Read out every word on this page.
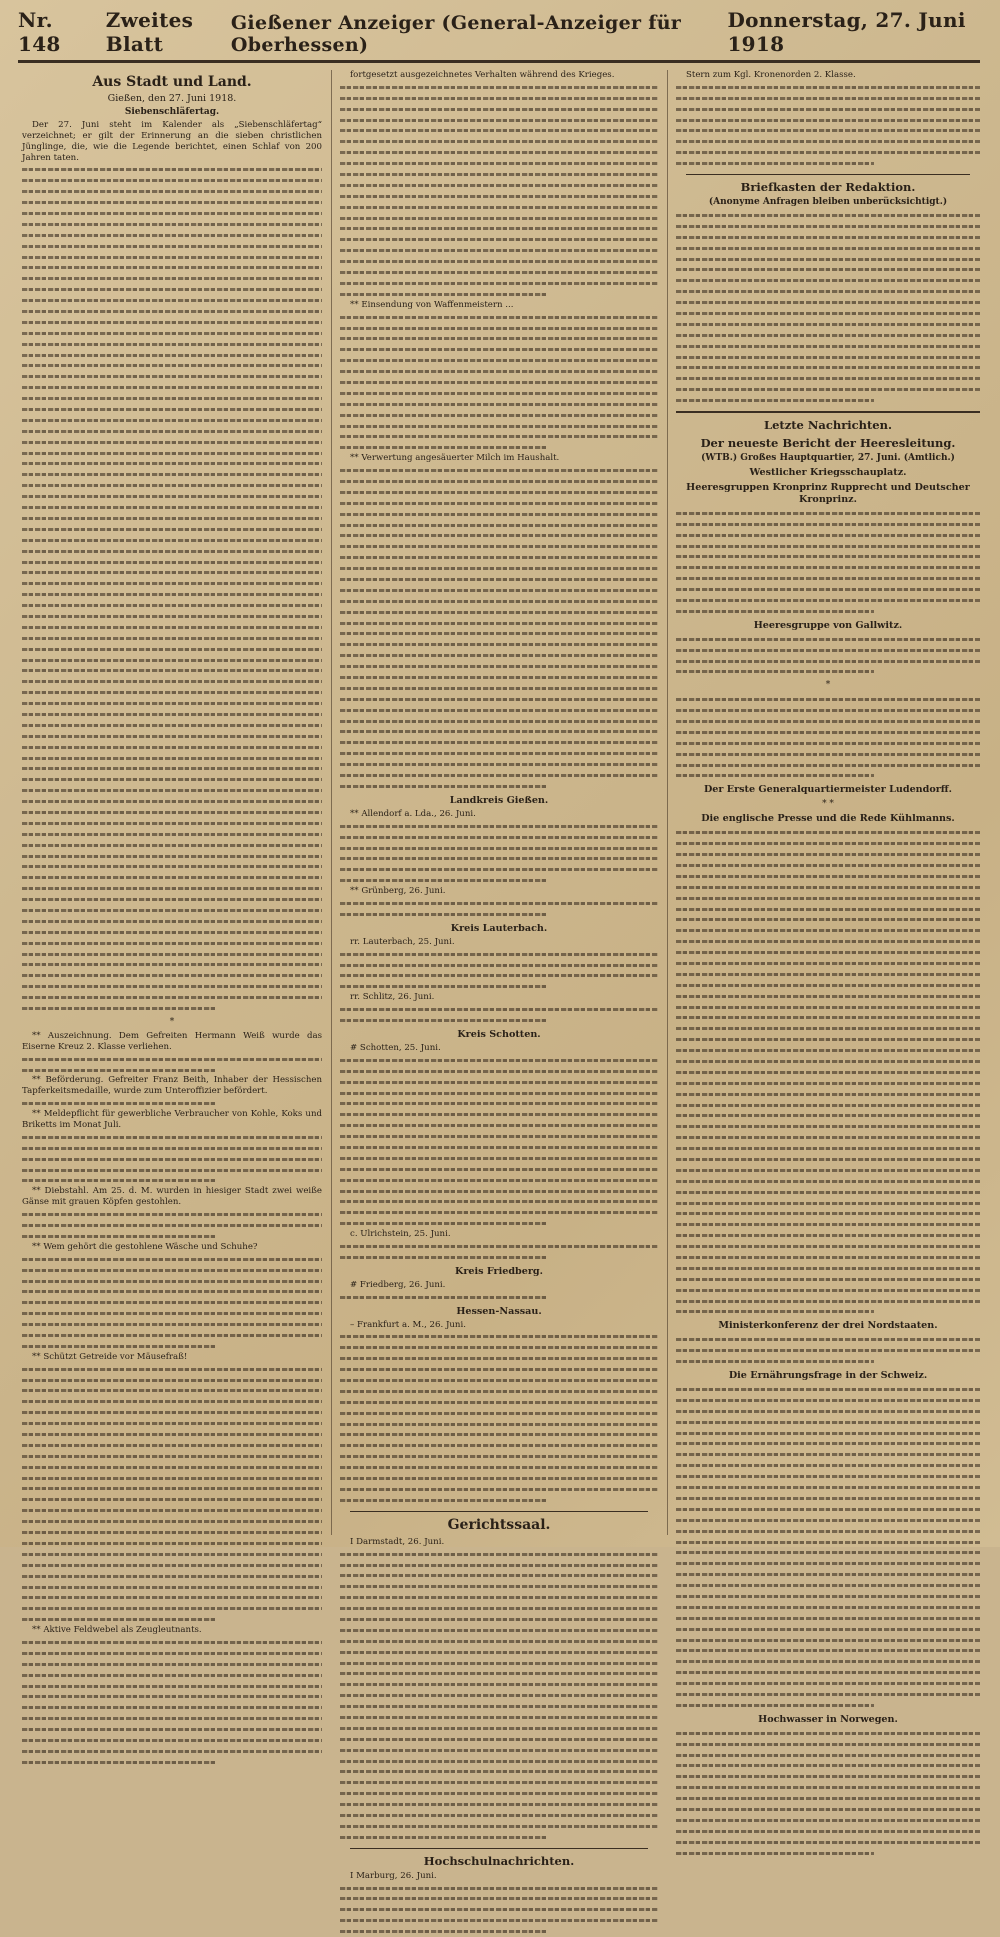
Nr. 148
Zweites Blatt
Gießener Anzeiger (General-Anzeiger für Oberhessen)
Donnerstag, 27. Juni 1918
Aus Stadt und Land.
Gießen, den 27. Juni 1918.
Siebenschläfertag.

Der 27. Juni steht im Kalender als „Siebenschläfertag“ verzeichnet; er gilt der Erinnerung an die sieben christlichen Jünglinge, die, wie die Legende berichtet, einen Schlaf von 200 Jahren taten.

*

** Auszeichnung. Dem Gefreiten Hermann Weiß wurde das Eiserne Kreuz 2. Klasse verliehen.

** Beförderung. Gefreiter Franz Beith, Inhaber der Hessischen Tapferkeitsmedaille, wurde zum Unteroffizier befördert.

** Meldepflicht für gewerbliche Verbraucher von Kohle, Koks und Briketts im Monat Juli.

** Diebstahl. Am 25. d. M. wurden in hiesiger Stadt zwei weiße Gänse mit grauen Köpfen gestohlen.

** Wem gehört die gestohlene Wäsche und Schuhe?

** Schützt Getreide vor Mäusefraß!

** Aktive Feldwebel als Zeugleutnants.

fortgesetzt ausgezeichnetes Verhalten während des Krieges.

** Einsendung von Waffenmeistern ...

** Verwertung angesäuerter Milch im Haushalt.

Landkreis Gießen.

** Allendorf a. Lda., 26. Juni.

** Grünberg, 26. Juni.

Kreis Lauterbach.

rr. Lauterbach, 25. Juni.

rr. Schlitz, 26. Juni.

Kreis Schotten.

# Schotten, 25. Juni.

c. Ulrichstein, 25. Juni.

Kreis Friedberg.

# Friedberg, 26. Juni.

Hessen-Nassau.

– Frankfurt a. M., 26. Juni.

Gerichtssaal.

I Darmstadt, 26. Juni.

Hochschulnachrichten.

I Marburg, 26. Juni.

Stern zum Kgl. Kronenorden 2. Klasse.

Briefkasten der Redaktion.
(Anonyme Anfragen bleiben unberücksichtigt.)
Letzte Nachrichten.
Der neueste Bericht der Heeresleitung.
(WTB.) Großes Hauptquartier, 27. Juni. (Amtlich.)
Westlicher Kriegsschauplatz.
Heeresgruppen Kronprinz Rupprecht und Deutscher Kronprinz.
Heeresgruppe von Gallwitz.
*
Der Erste Generalquartiermeister Ludendorff.
* *
Die englische Presse und die Rede Kühlmanns.
Ministerkonferenz der drei Nordstaaten.
Die Ernährungsfrage in der Schweiz.
Hochwasser in Norwegen.
